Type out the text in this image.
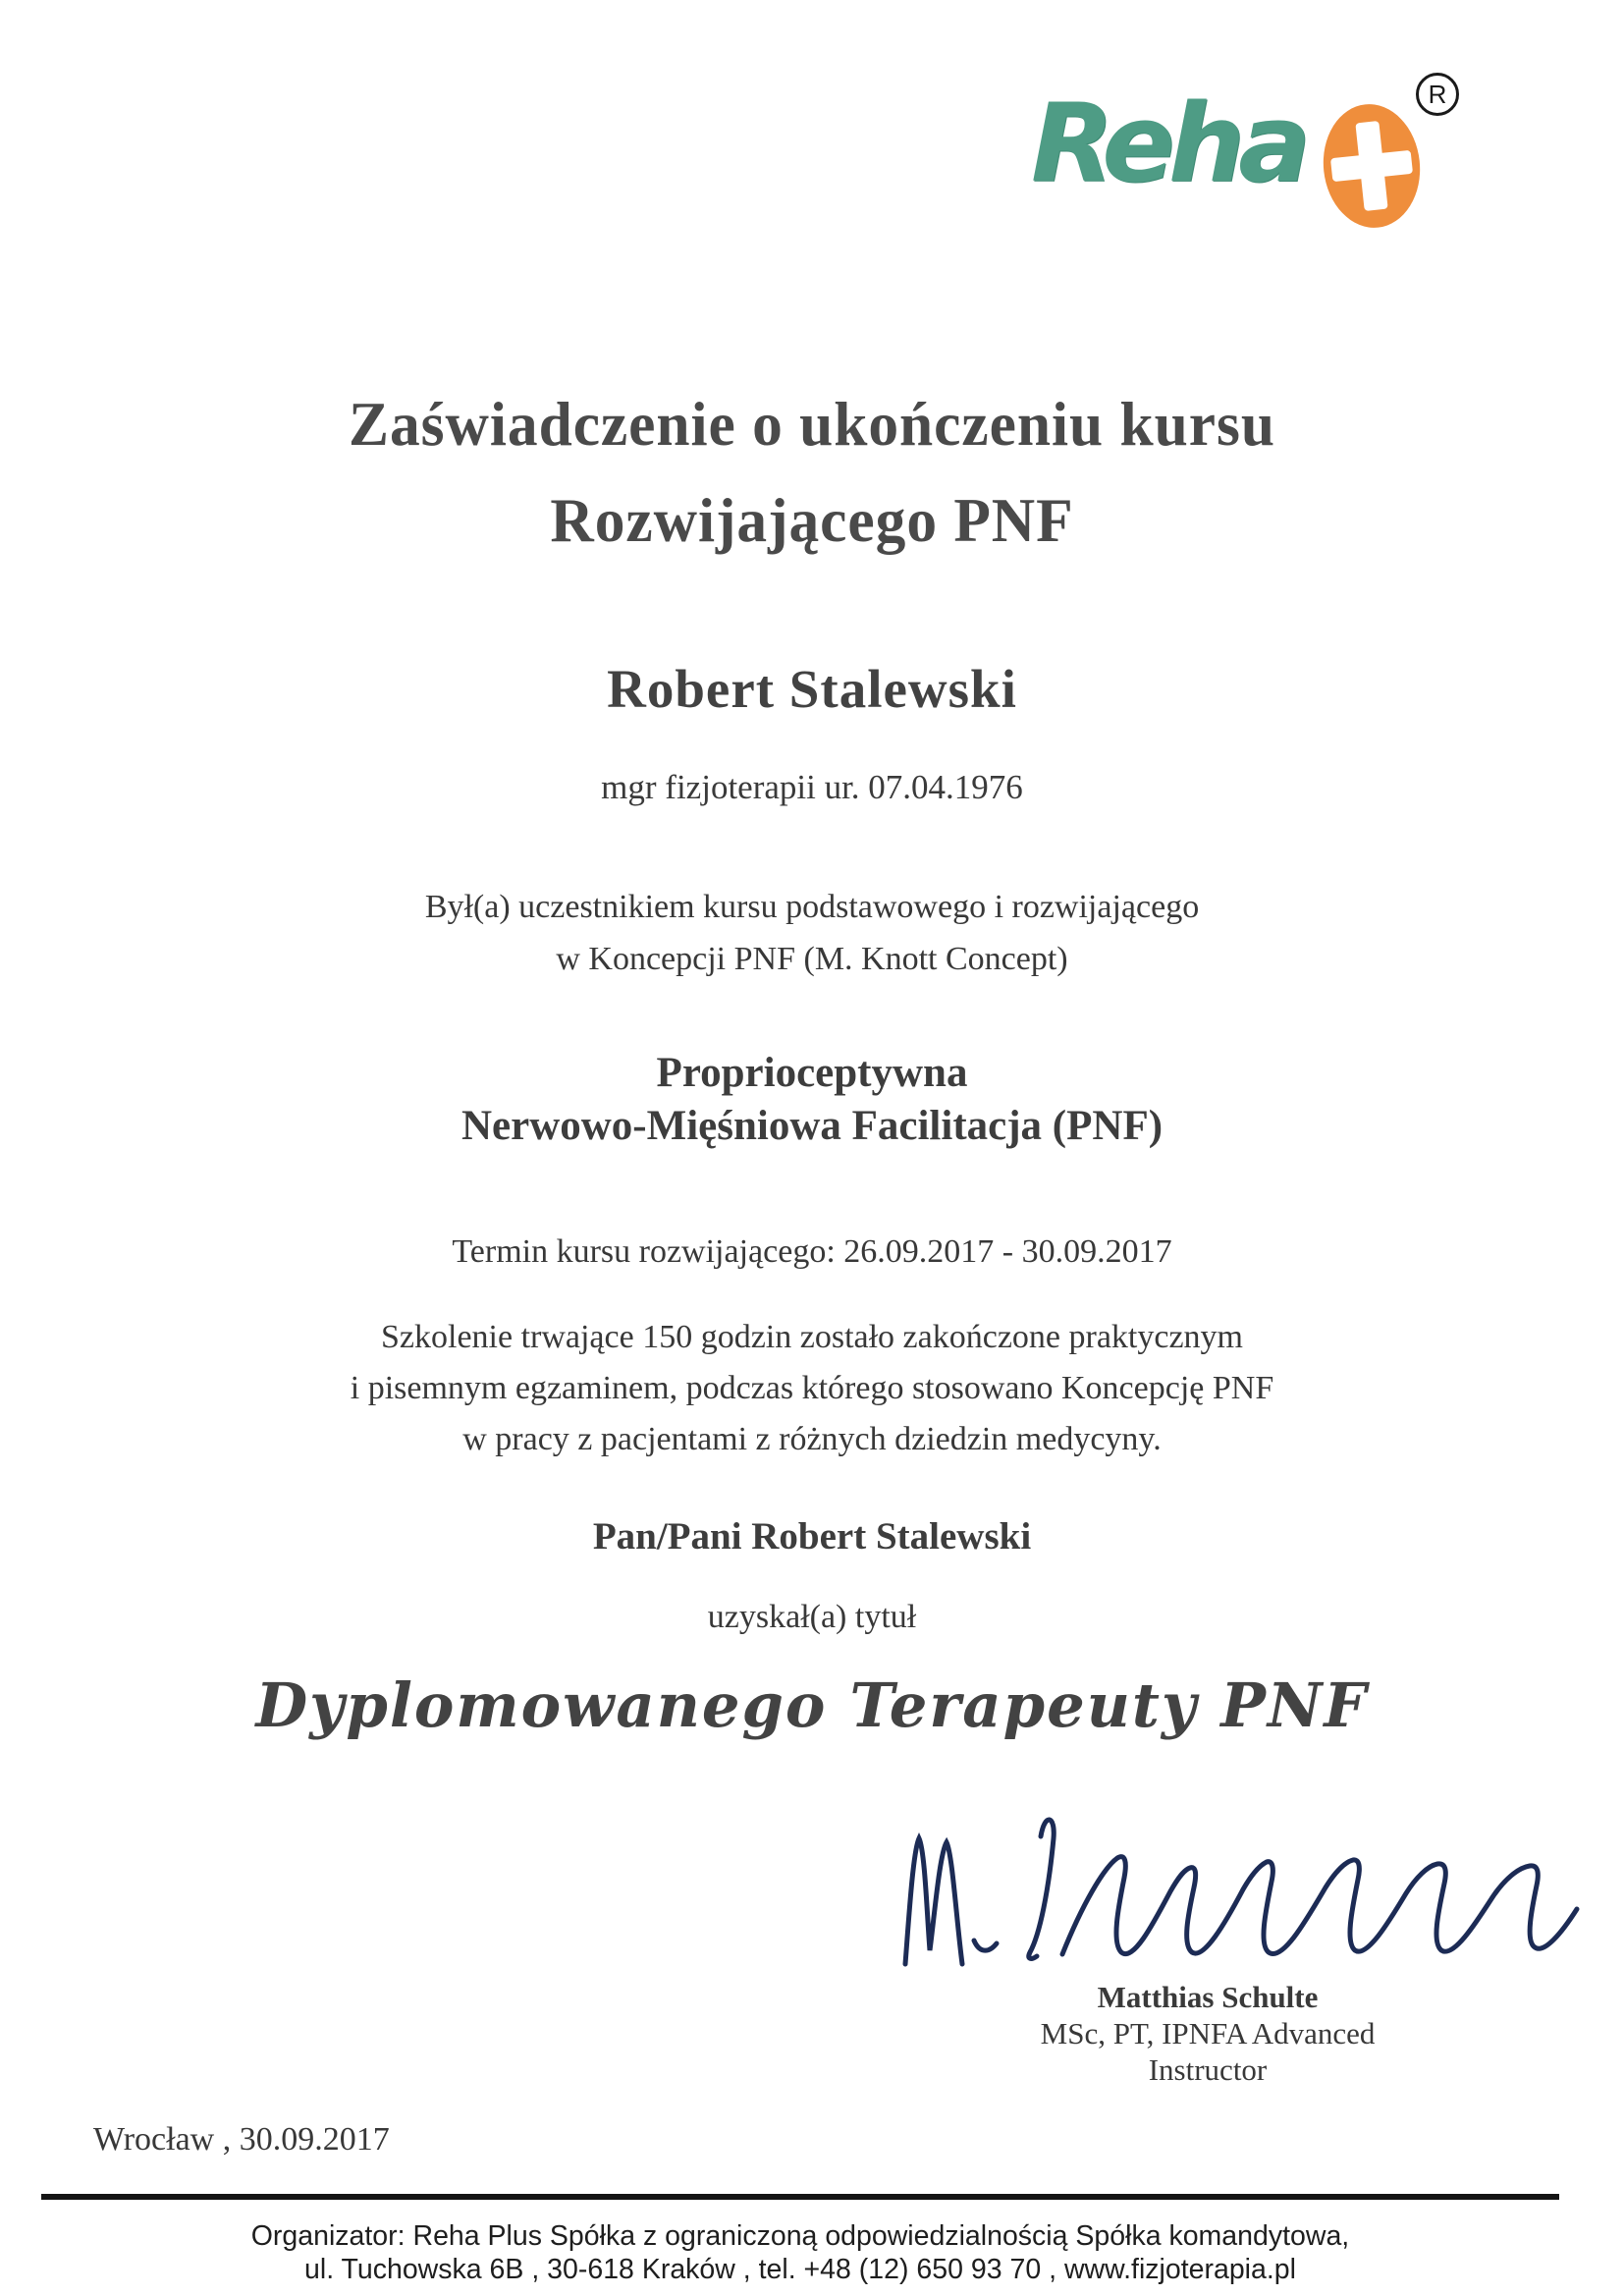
Reha	R
Zaświadczenie o ukończeniu kursu
Rozwijającego PNF
Robert Stalewski
mgr fizjoterapii ur. 07.04.1976
Był(a) uczestnikiem kursu podstawowego i rozwijającego
w Koncepcji PNF (M. Knott Concept)
Proprioceptywna
Nerwowo-Mięśniowa Facilitacja (PNF)
Termin kursu rozwijającego: 26.09.2017 - 30.09.2017
Szkolenie trwające 150 godzin zostało zakończone praktycznym
i pisemnym egzaminem, podczas którego stosowano Koncepcję PNF
w pracy z pacjentami z różnych dziedzin medycyny.
Pan/Pani Robert Stalewski
uzyskał(a) tytuł
Dyplomowanego Terapeuty PNF
Matthias Schulte
MSc, PT, IPNFA Advanced
Instructor
Wrocław , 30.09.2017
Organizator: Reha Plus Spółka z ograniczoną odpowiedzialnością Spółka komandytowa,
ul. Tuchowska 6B , 30-618 Kraków , tel. +48 (12) 650 93 70 , www.fizjoterapia.pl
